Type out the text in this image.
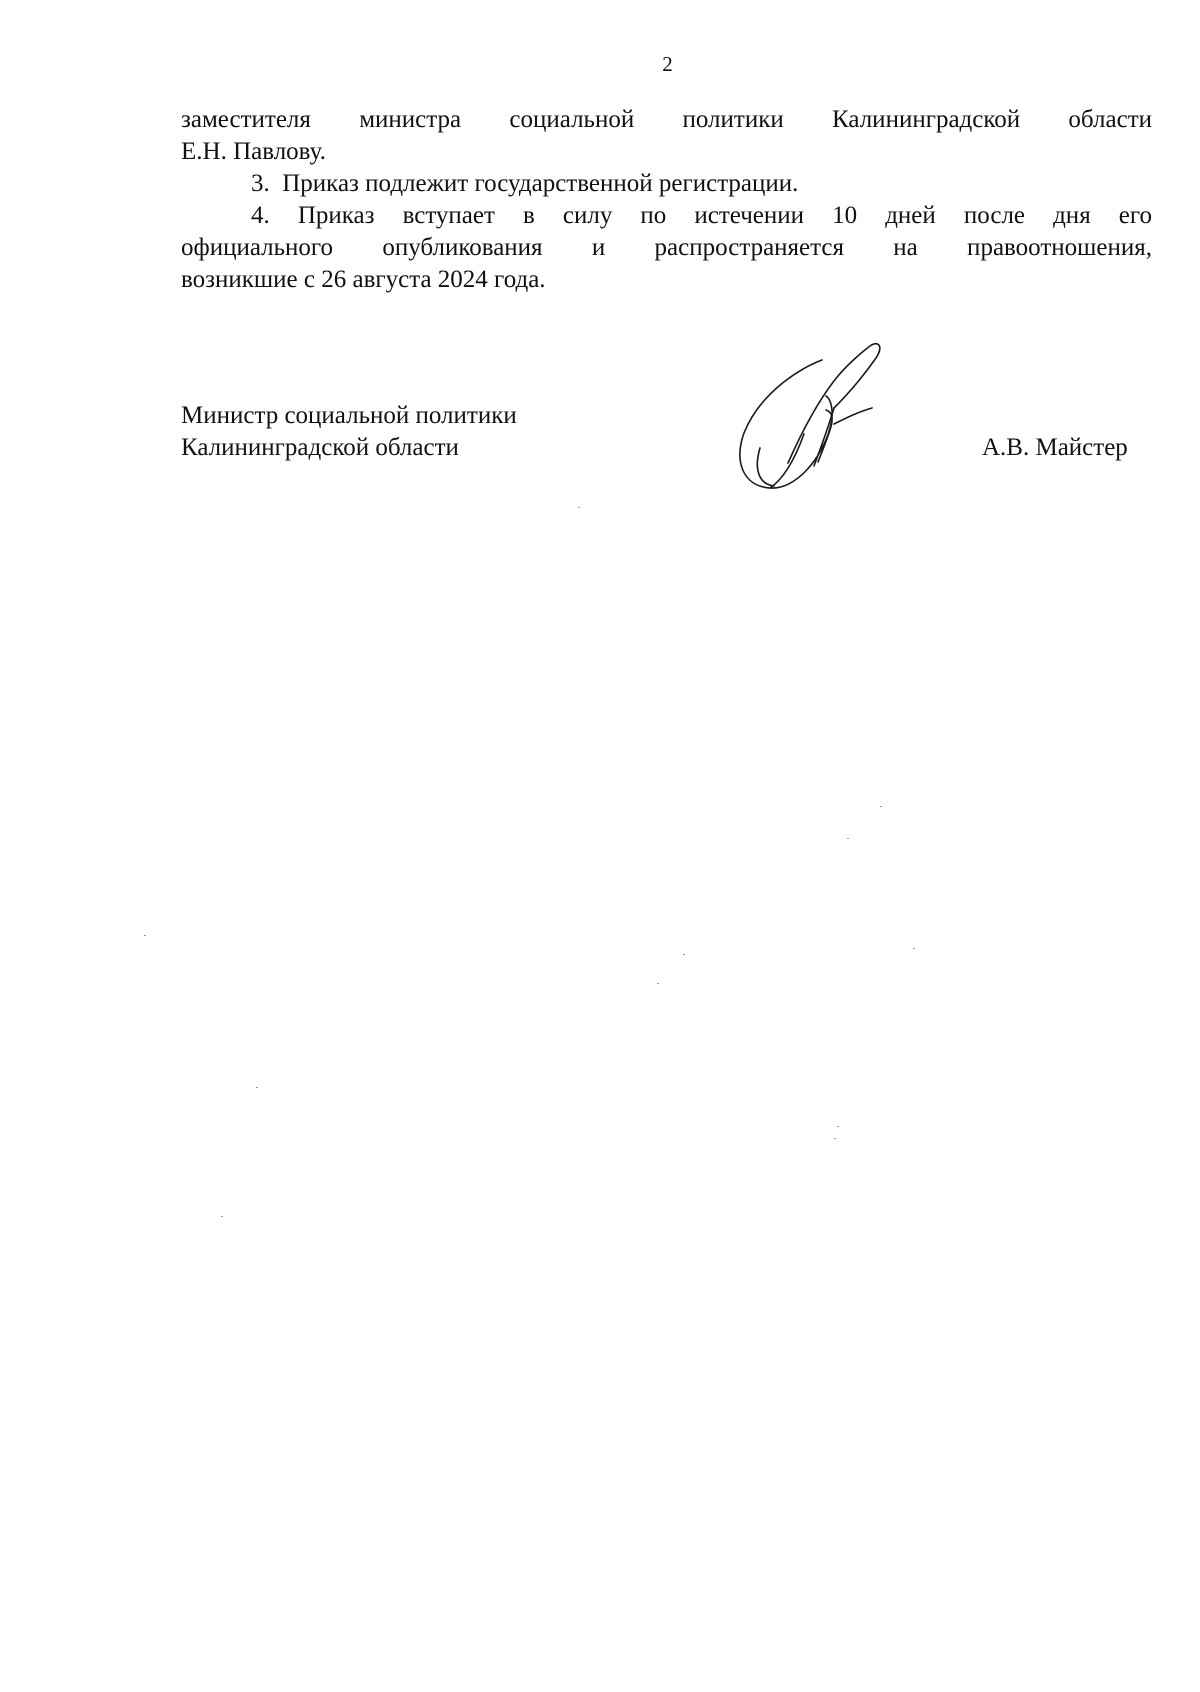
2
заместителя министра социальной политики Калининградской области
Е.Н. Павлову.
3. Приказ подлежит государственной регистрации.
4. Приказ вступает в силу по истечении 10 дней после дня его
официального опубликования и распространяется на правоотношения,
возникшие с 26 августа 2024 года.
Министр социальной политики
Калининградской области	А.В. Майстер
